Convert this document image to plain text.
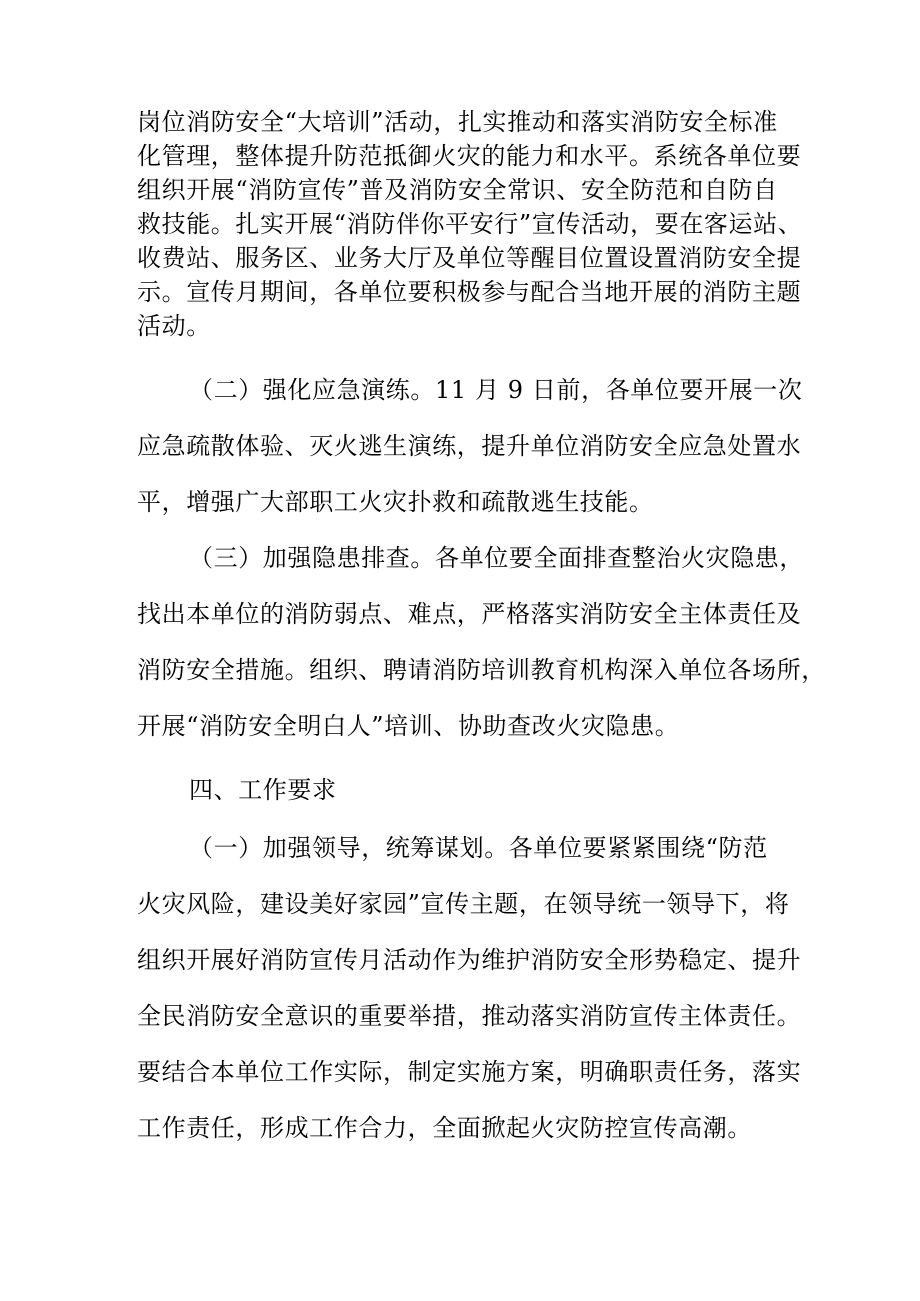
岗位消防安全“大培训”活动，扎实推动和落实消防安全标准
化管理，整体提升防范抵御火灾的能力和水平。系统各单位要
组织开展“消防宣传”普及消防安全常识、安全防范和自防自
救技能。扎实开展“消防伴你平安行”宣传活动，要在客运站、
收费站、服务区、业务大厅及单位等醒目位置设置消防安全提
示。宣传月期间，各单位要积极参与配合当地开展的消防主题
活动。
（二）强化应急演练。11 月 9 日前，各单位要开展一次
应急疏散体验、灭火逃生演练，提升单位消防安全应急处置水
平，增强广大部职工火灾扑救和疏散逃生技能。
（三）加强隐患排查。各单位要全面排查整治火灾隐患，
找出本单位的消防弱点、难点，严格落实消防安全主体责任及
消防安全措施。组织、聘请消防培训教育机构深入单位各场所，
开展“消防安全明白人”培训、协助查改火灾隐患。
四、工作要求
（一）加强领导，统筹谋划。各单位要紧紧围绕“防范
火灾风险，建设美好家园”宣传主题，在领导统一领导下，将
组织开展好消防宣传月活动作为维护消防安全形势稳定、提升
全民消防安全意识的重要举措，推动落实消防宣传主体责任。
要结合本单位工作实际，制定实施方案，明确职责任务，落实
工作责任，形成工作合力，全面掀起火灾防控宣传高潮。
